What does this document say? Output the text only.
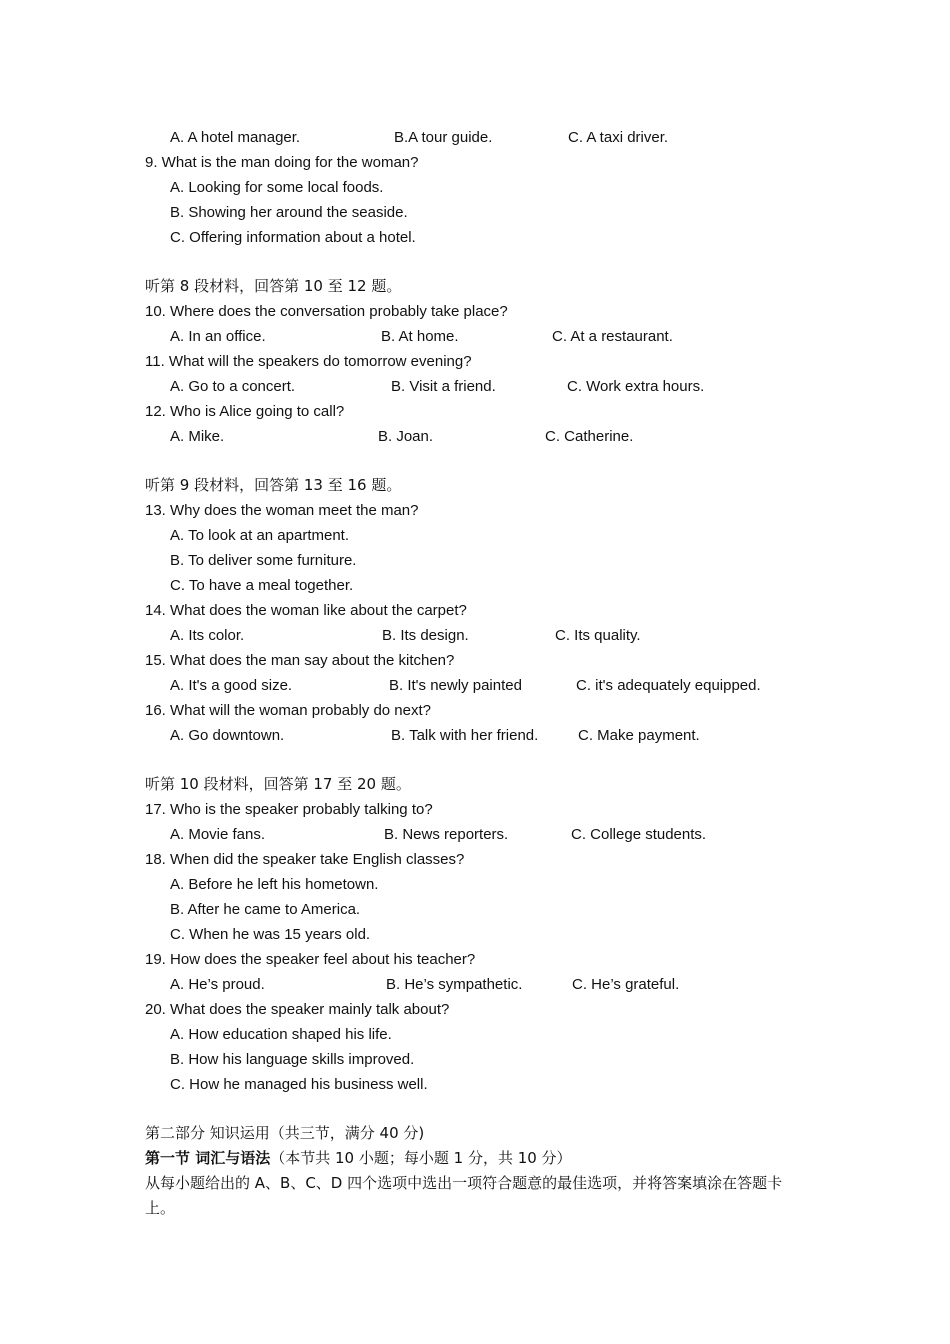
A. A hotel manager.	B.A tour guide.	C. A taxi driver.
9. What is the man doing for the woman?
A. Looking for some local foods.
B. Showing her around the seaside.
C. Offering information about a hotel.
听第 8 段材料，回答第 10 至 12 题。
10. Where does the conversation probably take place?
A. In an office.	B. At home.	C. At a restaurant.
11. What will the speakers do tomorrow evening?
A. Go to a concert.	B. Visit a friend.	C. Work extra hours.
12. Who is Alice going to call?
A. Mike.	B. Joan.	C. Catherine.
听第 9 段材料，回答第 13 至 16 题。
13. Why does the woman meet the man?
A. To look at an apartment.
B. To deliver some furniture.
C. To have a meal together.
14. What does the woman like about the carpet?
A. Its color.	B. Its design.	C. Its quality.
15. What does the man say about the kitchen?
A. It's a good size.	B. It's newly painted	C. it's adequately equipped.
16. What will the woman probably do next?
A. Go downtown.	B. Talk with her friend.	C. Make payment.
听第 10 段材料，回答第 17 至 20 题。
17. Who is the speaker probably talking to?
A. Movie fans.	B. News reporters.	C. College students.
18. When did the speaker take English classes?
A. Before he left his hometown.
B. After he came to America.
C. When he was 15 years old.
19. How does the speaker feel about his teacher?
A. He’s proud.	B. He’s sympathetic.	C. He’s grateful.
20. What does the speaker mainly talk about?
A. How education shaped his life.
B. How his language skills improved.
C. How he managed his business well.
第二部分 知识运用（共三节，满分 40 分)
第一节 词汇与语法（本节共 10 小题；每小题 1 分，共 10 分）
从每小题给出的 A、B、C、D 四个选项中选出一项符合题意的最佳选项，并将答案填涂在答题卡上。
